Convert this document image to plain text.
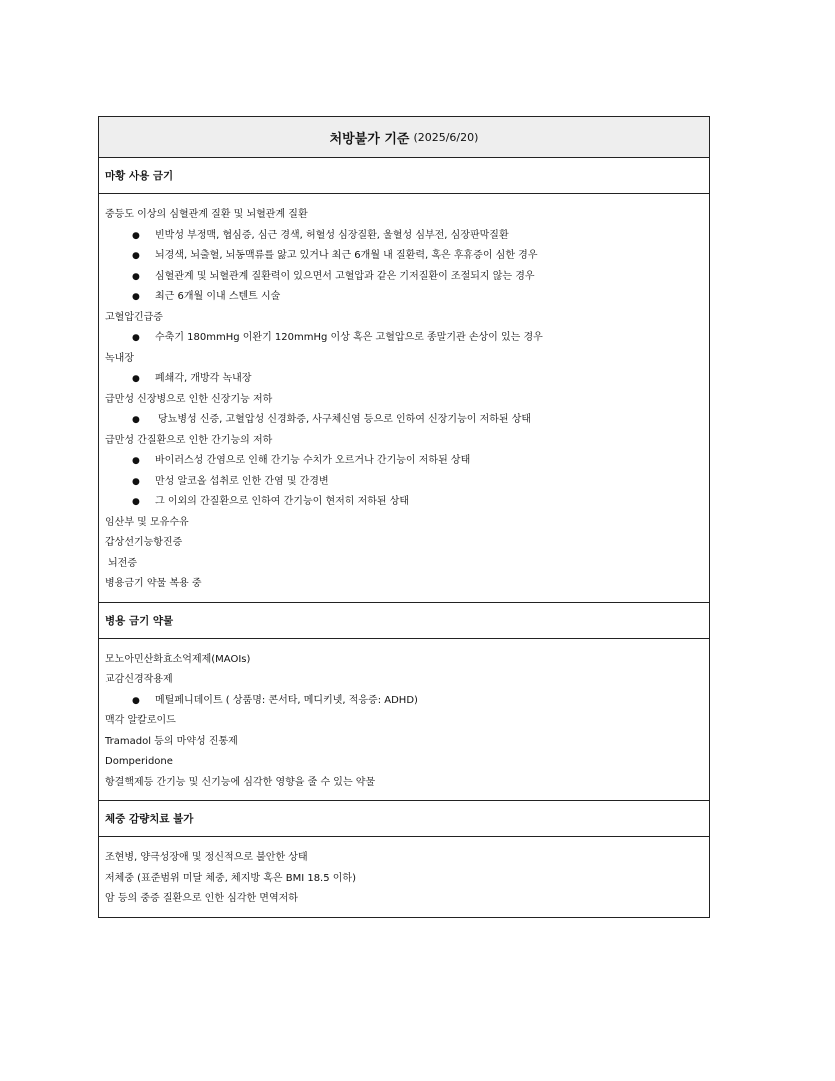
처방불가 기준 (2025/6/20)
마황 사용 금기
중등도 이상의 심혈관계 질환 및 뇌혈관계 질환
● 빈박성 부정맥, 협심증, 심근 경색, 허혈성 심장질환, 울혈성 심부전, 심장판막질환
● 뇌경색, 뇌출혈, 뇌동맥류를 앓고 있거나 최근 6개월 내 질환력, 혹은 후휴증이 심한 경우
● 심혈관계 및 뇌혈관계 질환력이 있으면서 고혈압과 같은 기저질환이 조절되지 않는 경우
● 최근 6개월 이내 스텐트 시술
고혈압긴급증
● 수축기 180mmHg 이완기 120mmHg 이상 혹은 고혈압으로 종말기관 손상이 있는 경우
녹내장
● 폐쇄각, 개방각 녹내장
급만성 신장병으로 인한 신장기능 저하
● 당뇨병성 신증, 고혈압성 신경화증, 사구체신염 등으로 인하여 신장기능이 저하된 상태
급만성 간질환으로 인한 간기능의 저하
● 바이러스성 간염으로 인해 간기능 수치가 오르거나 간기능이 저하된 상태
● 만성 알코올 섭취로 인한 간염 및 간경변
● 그 이외의 간질환으로 인하여 간기능이 현저히 저하된 상태
임산부 및 모유수유
갑상선기능항진증
뇌전증
병용금기 약물 복용 중
병용 금기 약물
모노아민산화효소억제제(MAOIs)
교감신경작용제
● 메틸페니데이트 ( 상품명: 콘서타, 메디키넷, 적응증: ADHD)
맥각 알칼로이드
Tramadol 등의 마약성 진통제
Domperidone
항결핵제등 간기능 및 신기능에 심각한 영향을 줄 수 있는 약물
체중 감량치료 불가
조현병, 양극성장애 및 정신적으로 불안한 상태
저체중 (표준범위 미달 체중, 체지방 혹은 BMI 18.5 이하)
암 등의 중증 질환으로 인한 심각한 면역저하
